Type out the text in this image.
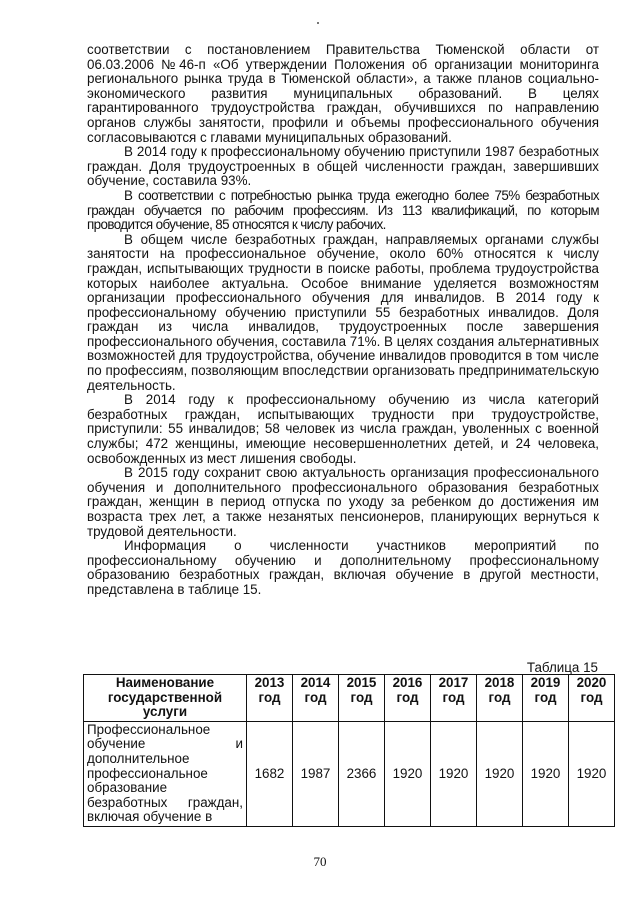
соответствии с постановлением Правительства Тюменской области от 06.03.2006 №46-п «Об утверждении Положения об организации мониторинга регионального рынка труда в Тюменской области», а также планов социально-экономического развития муниципальных образований. В целях гарантированного трудоустройства граждан, обучившихся по направлению органов службы занятости, профили и объемы профессионального обучения согласовываются с главами муниципальных образований.

В 2014 году к профессиональному обучению приступили 1987 безработных граждан. Доля трудоустроенных в общей численности граждан, завершивших обучение, составила 93%.

В соответствии с потребностью рынка труда ежегодно более 75% безработных граждан обучается по рабочим профессиям. Из 113 квалификаций, по которым проводится обучение, 85 относятся к числу рабочих.

В общем числе безработных граждан, направляемых органами службы занятости на профессиональное обучение, около 60% относятся к числу граждан, испытывающих трудности в поиске работы, проблема трудоустройства которых наиболее актуальна. Особое внимание уделяется возможностям организации профессионального обучения для инвалидов. В 2014 году к профессиональному обучению приступили 55 безработных инвалидов. Доля граждан из числа инвалидов, трудоустроенных после завершения профессионального обучения, составила 71%. В целях создания альтернативных возможностей для трудоустройства, обучение инвалидов проводится в том числе по профессиям, позволяющим впоследствии организовать предпринимательскую деятельность.

В 2014 году к профессиональному обучению из числа категорий безработных граждан, испытывающих трудности при трудоустройстве, приступили: 55 инвалидов; 58 человек из числа граждан, уволенных с военной службы; 472 женщины, имеющие несовершеннолетних детей, и 24 человека, освобожденных из мест лишения свободы.

В 2015 году сохранит свою актуальность организация профессионального обучения и дополнительного профессионального образования безработных граждан, женщин в период отпуска по уходу за ребенком до достижения им возраста трех лет, а также незанятых пенсионеров, планирующих вернуться к трудовой деятельности.

Информация о численности участников мероприятий по профессиональному обучению и дополнительному профессиональному образованию безработных граждан, включая обучение в другой местности, представлена в таблице 15.

Таблица 15
Наименование государственной услуги	2013 год	2014 год	2015 год	2016 год	2017 год	2018 год	2019 год	2020 год
Профессиональное обучение и дополнительное профессиональное образование безработных граждан, включая обучение в	1682	1987	2366	1920	1920	1920	1920	1920
70
